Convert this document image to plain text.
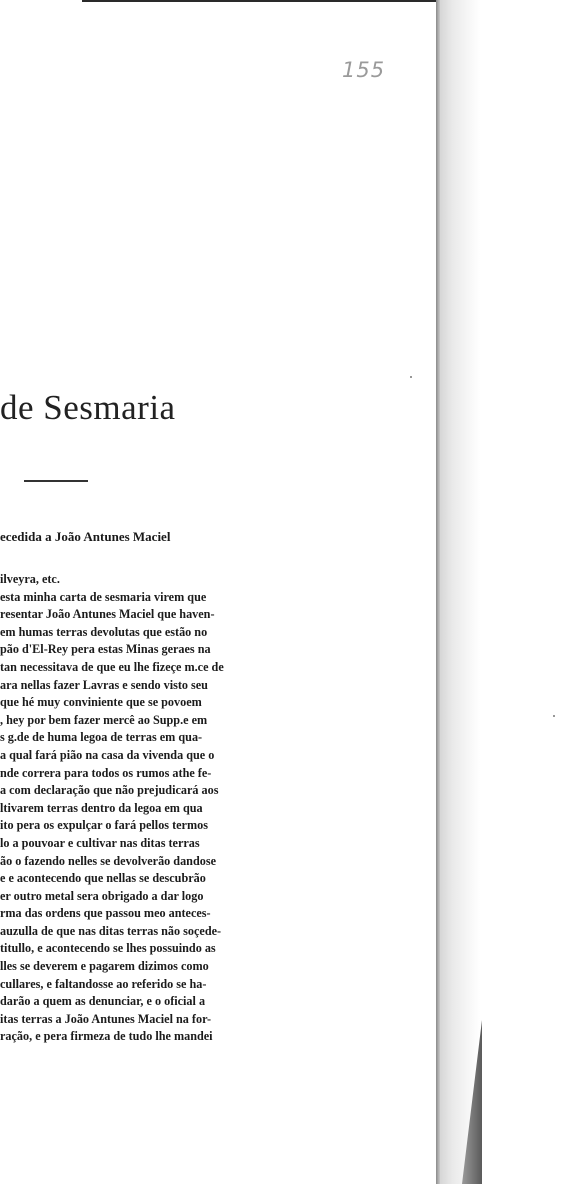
155
de Sesmaria
ecedida a João Antunes Maciel
ilveyra, etc.
esta minha carta de sesmaria virem que
resentar João Antunes Maciel que haven-
em humas terras devolutas que estão no
pão d'El-Rey pera estas Minas geraes na
tan necessitava de que eu lhe fizeçe m.ce de
ara nellas fazer Lavras e sendo visto seu
que hé muy conviniente que se povoem
, hey por bem fazer mercê ao Supp.e em
s g.de de huma legoa de terras em qua-
a qual fará pião na casa da vivenda que o
nde correra para todos os rumos athe fe-
a com declaração que não prejudicará aos
ltivarem terras dentro da legoa em qua
ito pera os expulçar o fará pellos termos
lo a pouvoar e cultivar nas ditas terras
ão o fazendo nelles se devolverão dandose
e e acontecendo que nellas se descubrão
er outro metal sera obrigado a dar logo
rma das ordens que passou meo anteces-
auzulla de que nas ditas terras não soçede-
titullo, e acontecendo se lhes possuindo as
lles se deverem e pagarem dizimos como
cullares, e faltandosse ao referido se ha-
darão a quem as denunciar, e o oficial a
itas terras a João Antunes Maciel na for-
ração, e pera firmeza de tudo lhe mandei
